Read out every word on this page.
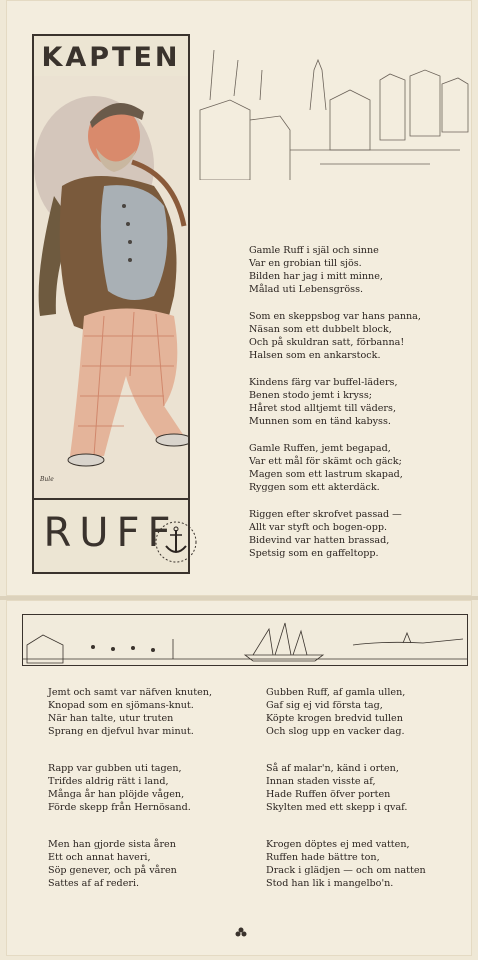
KAPTEN
RUFF
Bule
Gamle Ruff i själ och sinne
Var en grobian till sjös.
Bilden har jag i mitt minne,
Målad uti Lebensgröss.
Som en skeppsbog var hans panna,
Näsan som ett dubbelt block,
Och på skuldran satt, förbanna!
Halsen som en ankarstock.
Kindens färg var buffel-läders,
Benen stodo jemt i kryss;
Håret stod alltjemt till väders,
Munnen som en tänd kabyss.
Gamle Ruffen, jemt begapad,
Var ett mål för skämt och gäck;
Magen som ett lastrum skapad,
Ryggen som ett akterdäck.
Riggen efter skrofvet passad —
Allt var styft och bogen-opp.
Bidevind var hatten brassad,
Spetsig som en gaffeltopp.
Jemt och samt var näfven knuten,
Knopad som en sjömans-knut.
När han talte, utur truten
Sprang en djefvul hvar minut.
Rapp var gubben uti tagen,
Trifdes aldrig rätt i land,
Många år han plöjde vågen,
Förde skepp från Hernösand.
Men han gjorde sista åren
Ett och annat haveri,
Söp genever, och på våren
Sattes af af rederi.
Gubben Ruff, af gamla ullen,
Gaf sig ej vid första tag,
Köpte krogen bredvid tullen
Och slog upp en vacker dag.
Så af malar'n, känd i orten,
Innan staden visste af,
Hade Ruffen öfver porten
Skylten med ett skepp i qvaf.
Krogen döptes ej med vatten,
Ruffen hade bättre ton,
Drack i glädjen — och om natten
Stod han lik i mangelbo'n.
